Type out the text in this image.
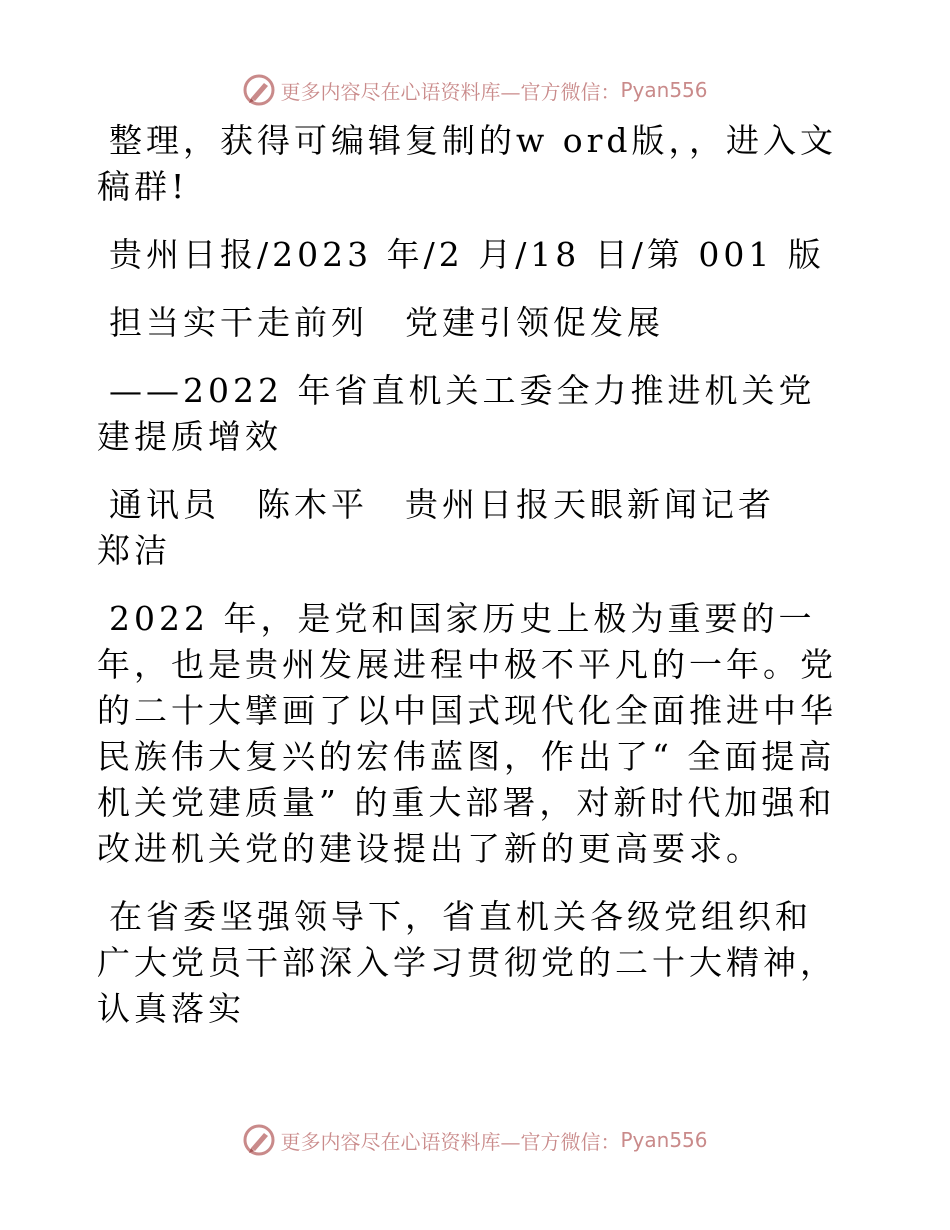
更多内容尽在心语资料库—官方微信： Pyan556

整理，获得可编辑复制的w ord版，，进入文稿群!

贵州日报/2023 年/2 月/18 日/第 001 版

担当实干走前列　党建引领促发展

——2022 年省直机关工委全力推进机关党建提质增效

通讯员　陈木平　贵州日报天眼新闻记者　郑洁

2022 年，是党和国家历史上极为重要的一年，也是贵州发展进程中极不平凡的一年。党的二十大擘画了以中国式现代化全面推进中华民族伟大复兴的宏伟蓝图，作出了“ 全面提高机关党建质量” 的重大部署，对新时代加强和改进机关党的建设提出了新的更高要求。

在省委坚强领导下，省直机关各级党组织和广大党员干部深入学习贯彻党的二十大精神，认真落实

更多内容尽在心语资料库—官方微信： Pyan556
